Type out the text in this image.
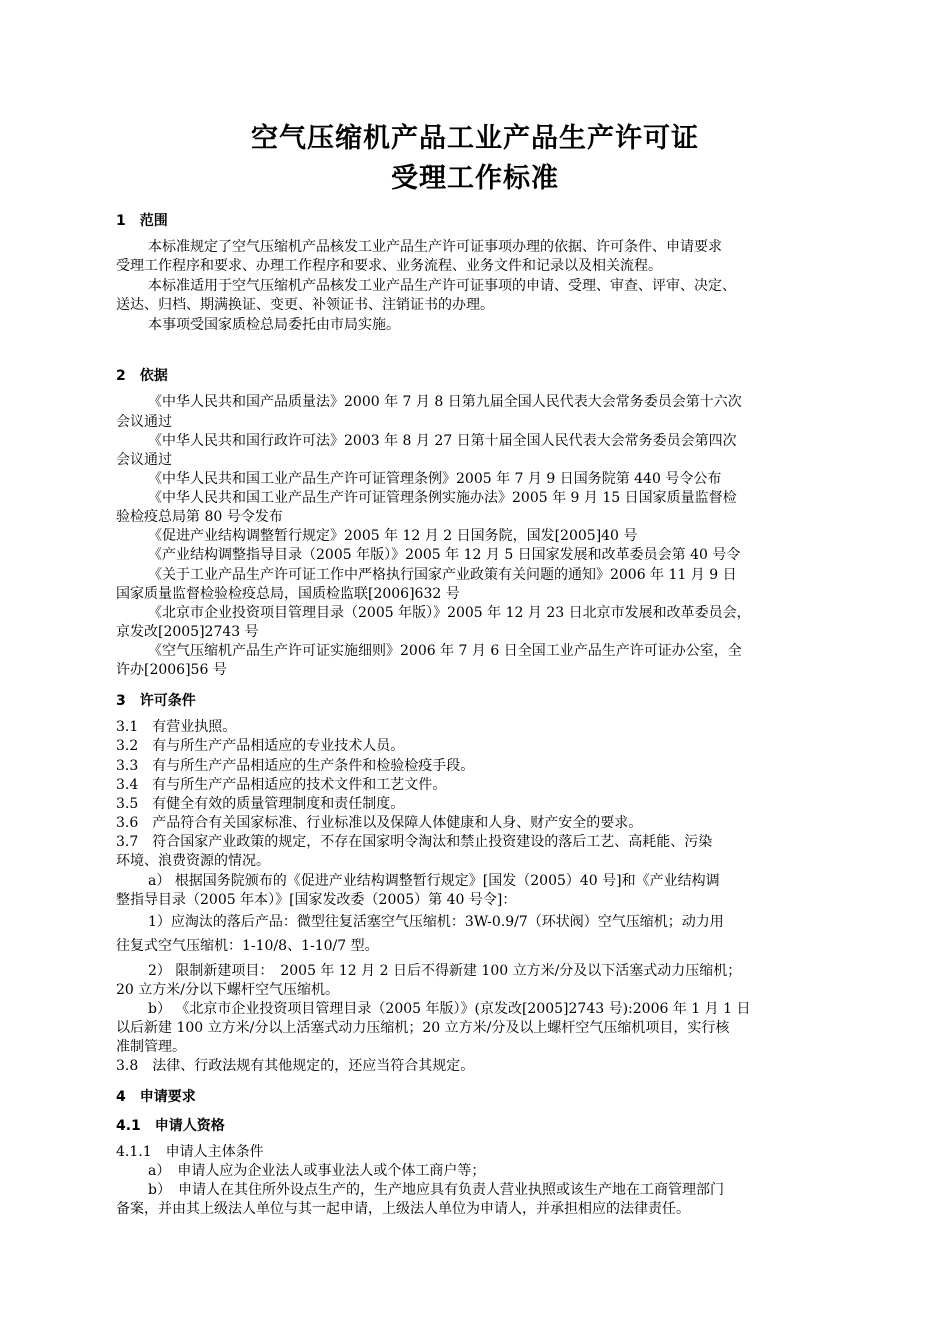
空气压缩机产品工业产品生产许可证
受理工作标准
1　范围
本标准规定了空气压缩机产品核发工业产品生产许可证事项办理的依据、许可条件、申请要求
受理工作程序和要求、办理工作程序和要求、业务流程、业务文件和记录以及相关流程。
本标准适用于空气压缩机产品核发工业产品生产许可证事项的申请、受理、审查、评审、决定、
送达、归档、期满换证、变更、补领证书、注销证书的办理。
本事项受国家质检总局委托由市局实施。
2　依据
《中华人民共和国产品质量法》2000 年 7 月 8 日第九届全国人民代表大会常务委员会第十六次
会议通过
《中华人民共和国行政许可法》2003 年 8 月 27 日第十届全国人民代表大会常务委员会第四次
会议通过
《中华人民共和国工业产品生产许可证管理条例》2005 年 7 月 9 日国务院第 440 号令公布
《中华人民共和国工业产品生产许可证管理条例实施办法》2005 年 9 月 15 日国家质量监督检
验检疫总局第 80 号令发布
《促进产业结构调整暂行规定》2005 年 12 月 2 日国务院，国发[2005]40 号
《产业结构调整指导目录（2005 年版）》2005 年 12 月 5 日国家发展和改革委员会第 40 号令
《关于工业产品生产许可证工作中严格执行国家产业政策有关问题的通知》2006 年 11 月 9 日
国家质量监督检验检疫总局，国质检监联[2006]632 号
《北京市企业投资项目管理目录（2005 年版）》2005 年 12 月 23 日北京市发展和改革委员会，
京发改[2005]2743 号
《空气压缩机产品生产许可证实施细则》2006 年 7 月 6 日全国工业产品生产许可证办公室，全
许办[2006]56 号
3　许可条件
3.1　有营业执照。
3.2　有与所生产产品相适应的专业技术人员。
3.3　有与所生产产品相适应的生产条件和检验检疫手段。
3.4　有与所生产产品相适应的技术文件和工艺文件。
3.5　有健全有效的质量管理制度和责任制度。
3.6　产品符合有关国家标准、行业标准以及保障人体健康和人身、财产安全的要求。
3.7　符合国家产业政策的规定，不存在国家明令淘汰和禁止投资建设的落后工艺、高耗能、污染
环境、浪费资源的情况。
a） 根据国务院颁布的《促进产业结构调整暂行规定》[国发（2005）40 号]和《产业结构调
整指导目录（2005 年本）》[国家发改委（2005）第 40 号令]：
1）应淘汰的落后产品：微型往复活塞空气压缩机：3W-0.9/7（环状阀）空气压缩机；动力用
往复式空气压缩机：1-10/8、1-10/7 型。
2） 限制新建项目：　2005 年 12 月 2 日后不得新建 100 立方米/分及以下活塞式动力压缩机；
20 立方米/分以下螺杆空气压缩机。
b） 《北京市企业投资项目管理目录（2005 年版）》(京发改[2005]2743 号):2006 年 1 月 1 日
以后新建 100 立方米/分以上活塞式动力压缩机；20 立方米/分及以上螺杆空气压缩机项目，实行核
准制管理。
3.8　法律、行政法规有其他规定的，还应当符合其规定。
4　申请要求
4.1　申请人资格
4.1.1　申请人主体条件
a）　申请人应为企业法人或事业法人或个体工商户等；
b）　申请人在其住所外设点生产的，生产地应具有负责人营业执照或该生产地在工商管理部门
备案，并由其上级法人单位与其一起申请，上级法人单位为申请人，并承担相应的法律责任。
